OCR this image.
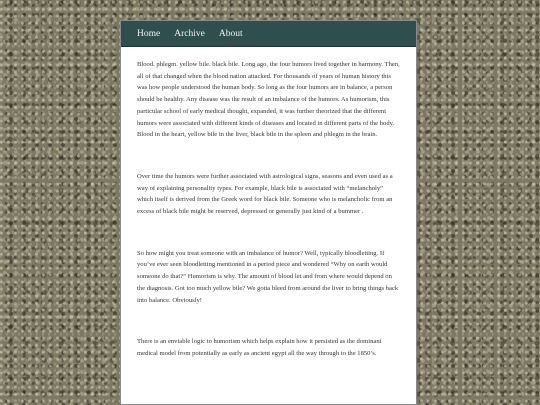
Home Archive About

Blood. phlegm. yellow bile. black bile. Long ago, the four humors lived together in harmony. Then, all of that changed when the blood nation attacked. For thousands of years of human history this was how people understood the human body. So long as the four humors are in balance, a person should be healthy. Any disease was the result of an imbalance of the humors. As humorism, this particular school of early medical thought, expanded, it was further theorized that the different humors were associated with different kinds of diseases and located in different parts of the body. Blood in the heart, yellow bile in the liver, black bile in the spleen and phlegm in the brain.

Over time the humors were further associated with astrological signs, seasons and even used as a way of explaining personality types. For example, black bile is associated with “melancholy” which itself is derived from the Greek word for black bile. Someone who is melancholic from an excess of black bile might be reserved, depressed or generally just kind of a bummer .

So how might you treat someone with an imbalance of humor? Well, typically bloodletting. If you’ve ever seen bloodletting mentioned in a period piece and wondered “Why on earth would someone do that?” Humorism is why. The amount of blood let and from where would depend on the diagnosis. Got too much yellow bile? We gotta bleed from around the liver to bring things back into balance. Obviously!

There is an enviable logic to humorism which helps explain how it persisted as the dominant medical model from potentially as early as ancient egypt all the way through to the 1850’s.
